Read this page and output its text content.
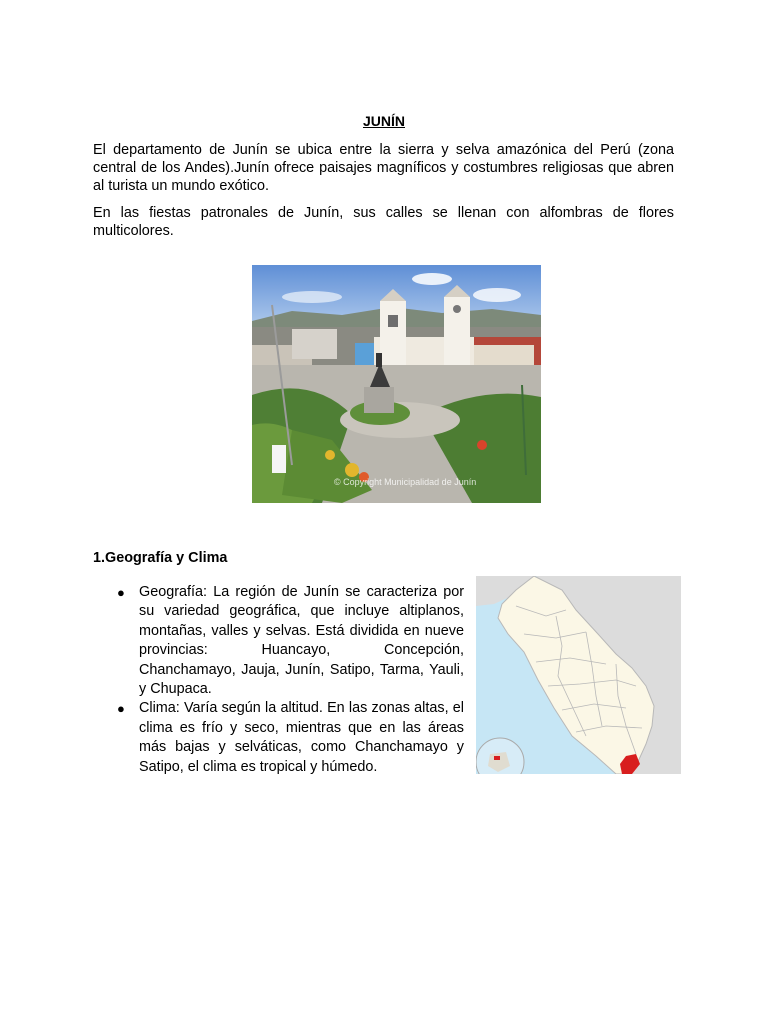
JUNÍN

El departamento de Junín se ubica entre la sierra y selva amazónica del Perú (zona central de los Andes).Junín ofrece paisajes magníficos y costumbres religiosas que abren al turista un mundo exótico.

En las fiestas patronales de Junín, sus calles se llenan con alfombras de flores multicolores.

© Copyright Municipalidad de Junín
1.Geografía y Clima
● Geografía: La región de Junín se caracteriza por su variedad geográfica, que incluye altiplanos, montañas, valles y selvas. Está dividida en nueve provincias: Huancayo, Concepción, Chanchamayo, Jauja, Junín, Satipo, Tarma, Yauli, y Chupaca.
● Clima: Varía según la altitud. En las zonas altas, el clima es frío y seco, mientras que en las áreas más bajas y selváticas, como Chanchamayo y Satipo, el clima es tropical y húmedo.
